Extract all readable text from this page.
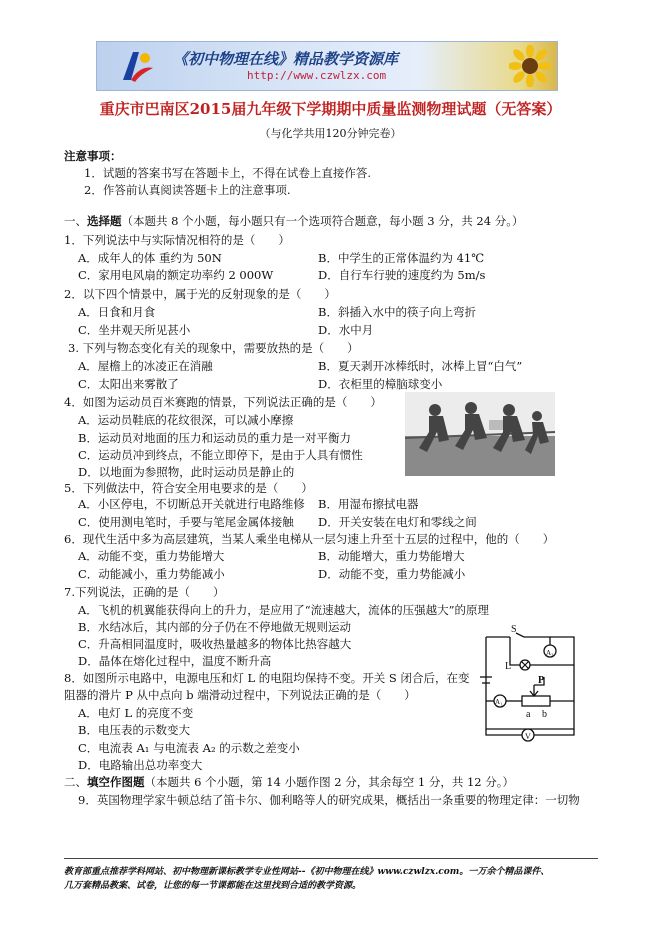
《初中物理在线》精品教学资源库
http://www.czwlzx.com
重庆市巴南区2015届九年级下学期期中质量监测物理试题（无答案）
（与化学共用120分钟完卷）
注意事项：
1．试题的答案书写在答题卡上，不得在试卷上直接作答.
2．作答前认真阅读答题卡上的注意事项.
一、选择题（本题共 8 个小题，每小题只有一个选项符合题意，每小题 3 分，共 24 分。）
1．下列说法中与实际情况相符的是（　　）
A．成年人的体 重约为 50N	B．中学生的正常体温约为 41℃
C．家用电风扇的额定功率约 2 000W	D．自行车行驶的速度约为 5m/s
2．以下四个情景中，属于光的反射现象的是（　　）
A．日食和月食	B．斜插入水中的筷子向上弯折
C．坐井观天所见甚小	D．水中月
3. 下列与物态变化有关的现象中，需要放热的是（　　）
A．屋檐上的冰凌正在消融	B．夏天剥开冰棒纸时，冰棒上冒“白气”
C．太阳出来雾散了	D．衣柜里的樟脑球变小
4．如图为运动员百米赛跑的情景，下列说法正确的是（　　）
A．运动员鞋底的花纹很深，可以减小摩擦
B．运动员对地面的压力和运动员的重力是一对平衡力
C．运动员冲到终点，不能立即停下，是由于人具有惯性
D．以地面为参照物，此时运动员是静止的
5．下列做法中，符合安全用电要求的是（　　）
A．小区停电，不切断总开关就进行电路维修 B．用湿布擦拭电器
C．使用测电笔时，手要与笔尾金属体接触 D．开关安装在电灯和零线之间
6．现代生活中多为高层建筑，当某人乘坐电梯从一层匀速上升至十五层的过程中，他的（　　）
A．动能不变，重力势能增大	B．动能增大，重力势能增大
C．动能减小，重力势能减小	D．动能不变，重力势能减小
7.下列说法，正确的是（　　）
A．飞机的机翼能获得向上的升力，是应用了“流速越大，流体的压强越大”的原理
B．水结冰后，其内部的分子仍在不停地做无规则运动
C．升高相同温度时，吸收热量越多的物体比热容越大
D．晶体在熔化过程中，温度不断升高
8．如图所示电路中，电源电压和灯 L 的电阻均保持不变。开关 S 闭合后，在变
阻器的滑片 P 从中点向 b 端滑动过程中，下列说法正确的是（　　）
A．电灯 L 的亮度不变
B．电压表的示数变大
C．电流表 A₁ 与电流表 A₂ 的示数之差变小
D．电路输出总功率变大
S
L
A₂
A₁
V
P
a b
二、填空作图题（本题共 6 个小题，第 14 小题作图 2 分，其余每空 1 分，共 12 分。）
9．英国物理学家牛顿总结了笛卡尔、伽利略等人的研究成果，概括出一条重要的物理定律：一切物
教育部重点推荐学科网站、初中物理新课标教学专业性网站--《初中物理在线》www.czwlzx.com。一万余个精品课件、
几万套精品教案、试卷，让您的每一节课都能在这里找到合适的教学资源。
